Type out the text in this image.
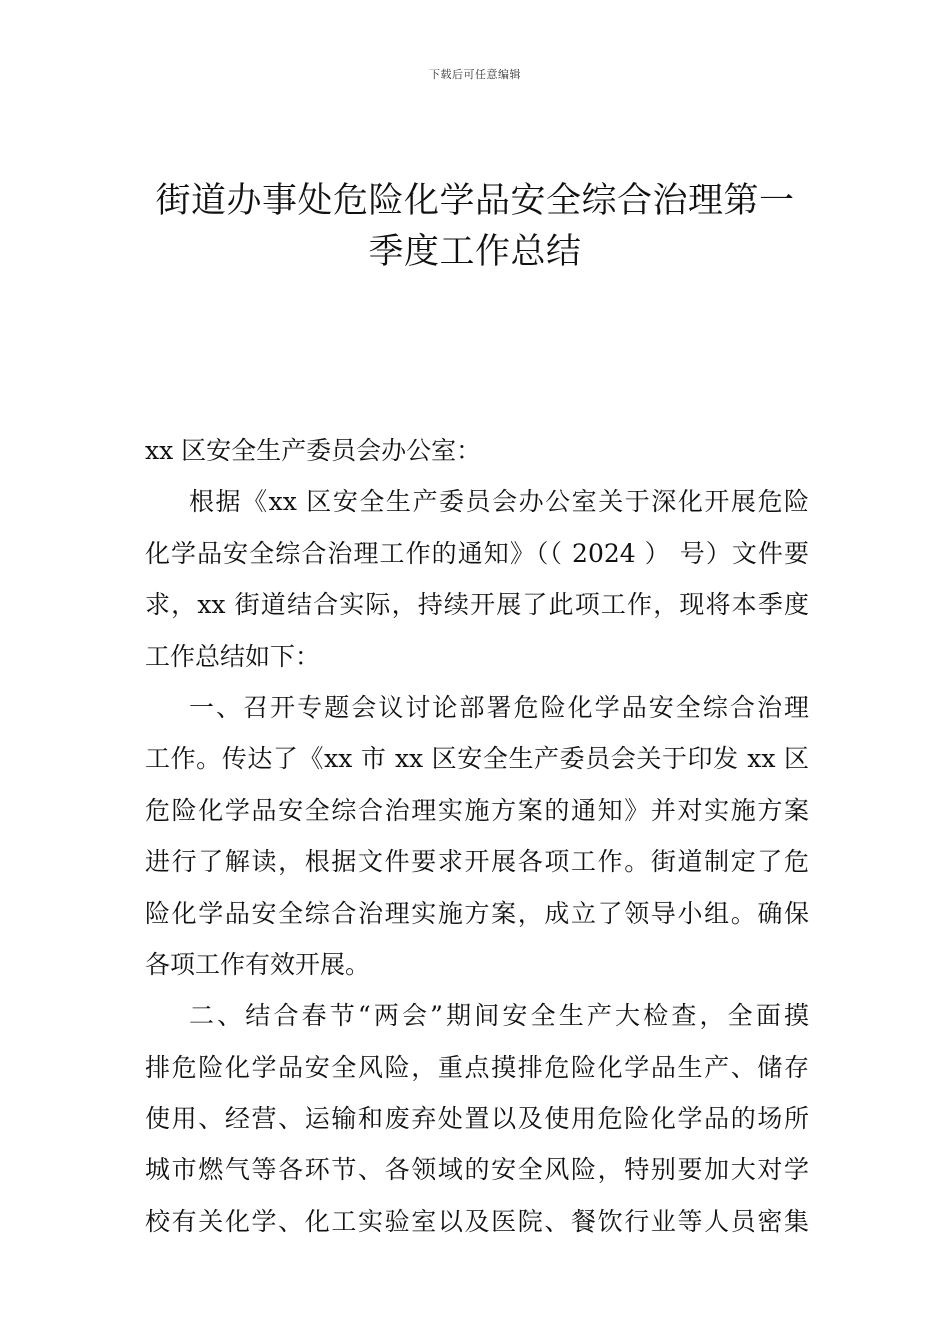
下载后可任意编辑
街道办事处危险化学品安全综合治理第一
季度工作总结
xx 区安全生产委员会办公室：
根据《xx 区安全生产委员会办公室关于深化开展危险
化学品安全综合治理工作的通知》（（ 2024 ） 号）文件要
求，xx 街道结合实际，持续开展了此项工作，现将本季度
工作总结如下：
一、召开专题会议讨论部署危险化学品安全综合治理
工作。传达了《xx 市 xx 区安全生产委员会关于印发 xx 区
危险化学品安全综合治理实施方案的通知》并对实施方案
进行了解读，根据文件要求开展各项工作。街道制定了危
险化学品安全综合治理实施方案，成立了领导小组。确保
各项工作有效开展。
二、结合春节“两会”期间安全生产大检查，全面摸
排危险化学品安全风险，重点摸排危险化学品生产、储存
使用、经营、运输和废弃处置以及使用危险化学品的场所
城市燃气等各环节、各领域的安全风险，特别要加大对学
校有关化学、化工实验室以及医院、餐饮行业等人员密集
